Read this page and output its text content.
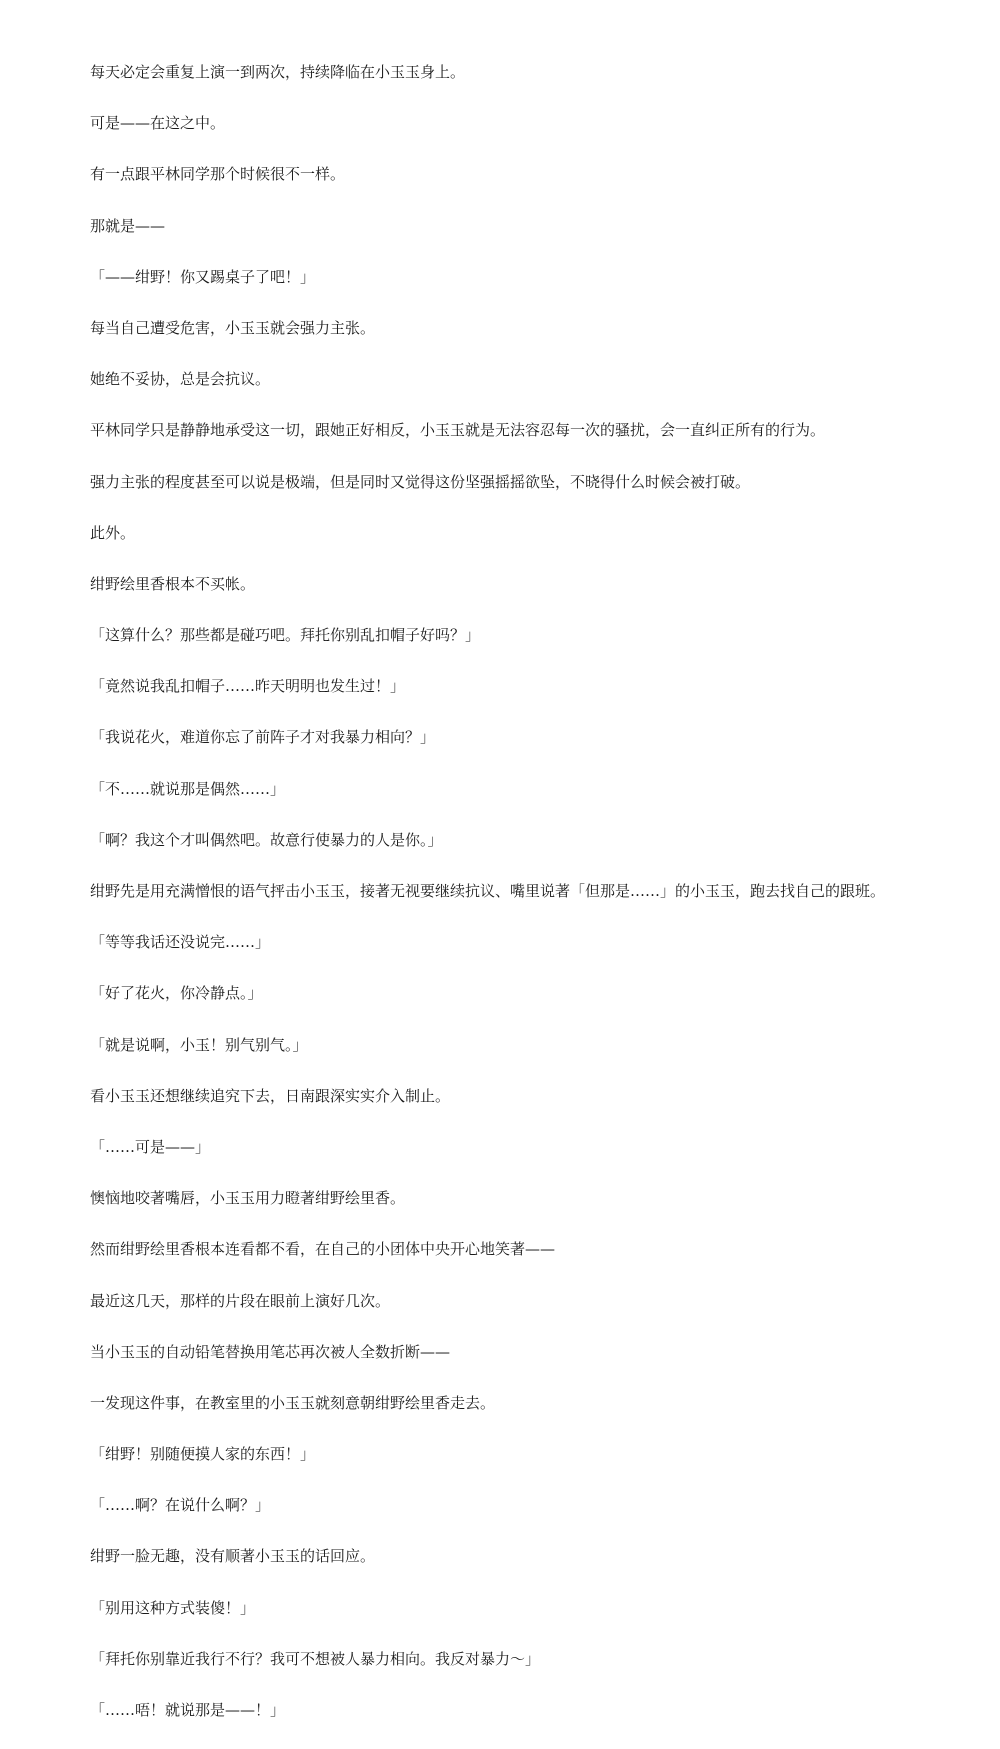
每天必定会重复上演一到两次，持续降临在小玉玉身上。

可是——在这之中。

有一点跟平林同学那个时候很不一样。

那就是——

「——绀野！你又踢桌子了吧！」

每当自己遭受危害，小玉玉就会强力主张。

她绝不妥协，总是会抗议。

平林同学只是静静地承受这一切，跟她正好相反，小玉玉就是无法容忍每一次的骚扰，会一直纠正所有的行为。

强力主张的程度甚至可以说是极端，但是同时又觉得这份坚强摇摇欲坠，不晓得什么时候会被打破。

此外。

绀野绘里香根本不买帐。

「这算什么？那些都是碰巧吧。拜托你别乱扣帽子好吗？」

「竟然说我乱扣帽子……昨天明明也发生过！」

「我说花火，难道你忘了前阵子才对我暴力相向？」

「不……就说那是偶然……」

「啊？我这个才叫偶然吧。故意行使暴力的人是你。」

绀野先是用充满憎恨的语气抨击小玉玉，接著无视要继续抗议、嘴里说著「但那是……」的小玉玉，跑去找自己的跟班。

「等等我话还没说完……」

「好了花火，你冷静点。」

「就是说啊，小玉！别气别气。」

看小玉玉还想继续追究下去，日南跟深实实介入制止。

「……可是——」

懊恼地咬著嘴唇，小玉玉用力瞪著绀野绘里香。

然而绀野绘里香根本连看都不看，在自己的小团体中央开心地笑著——

最近这几天，那样的片段在眼前上演好几次。

当小玉玉的自动铅笔替换用笔芯再次被人全数折断——

一发现这件事，在教室里的小玉玉就刻意朝绀野绘里香走去。

「绀野！别随便摸人家的东西！」

「……啊？在说什么啊？」

绀野一脸无趣，没有顺著小玉玉的话回应。

「别用这种方式装傻！」

「拜托你别靠近我行不行？我可不想被人暴力相向。我反对暴力～」

「……唔！就说那是——！」
